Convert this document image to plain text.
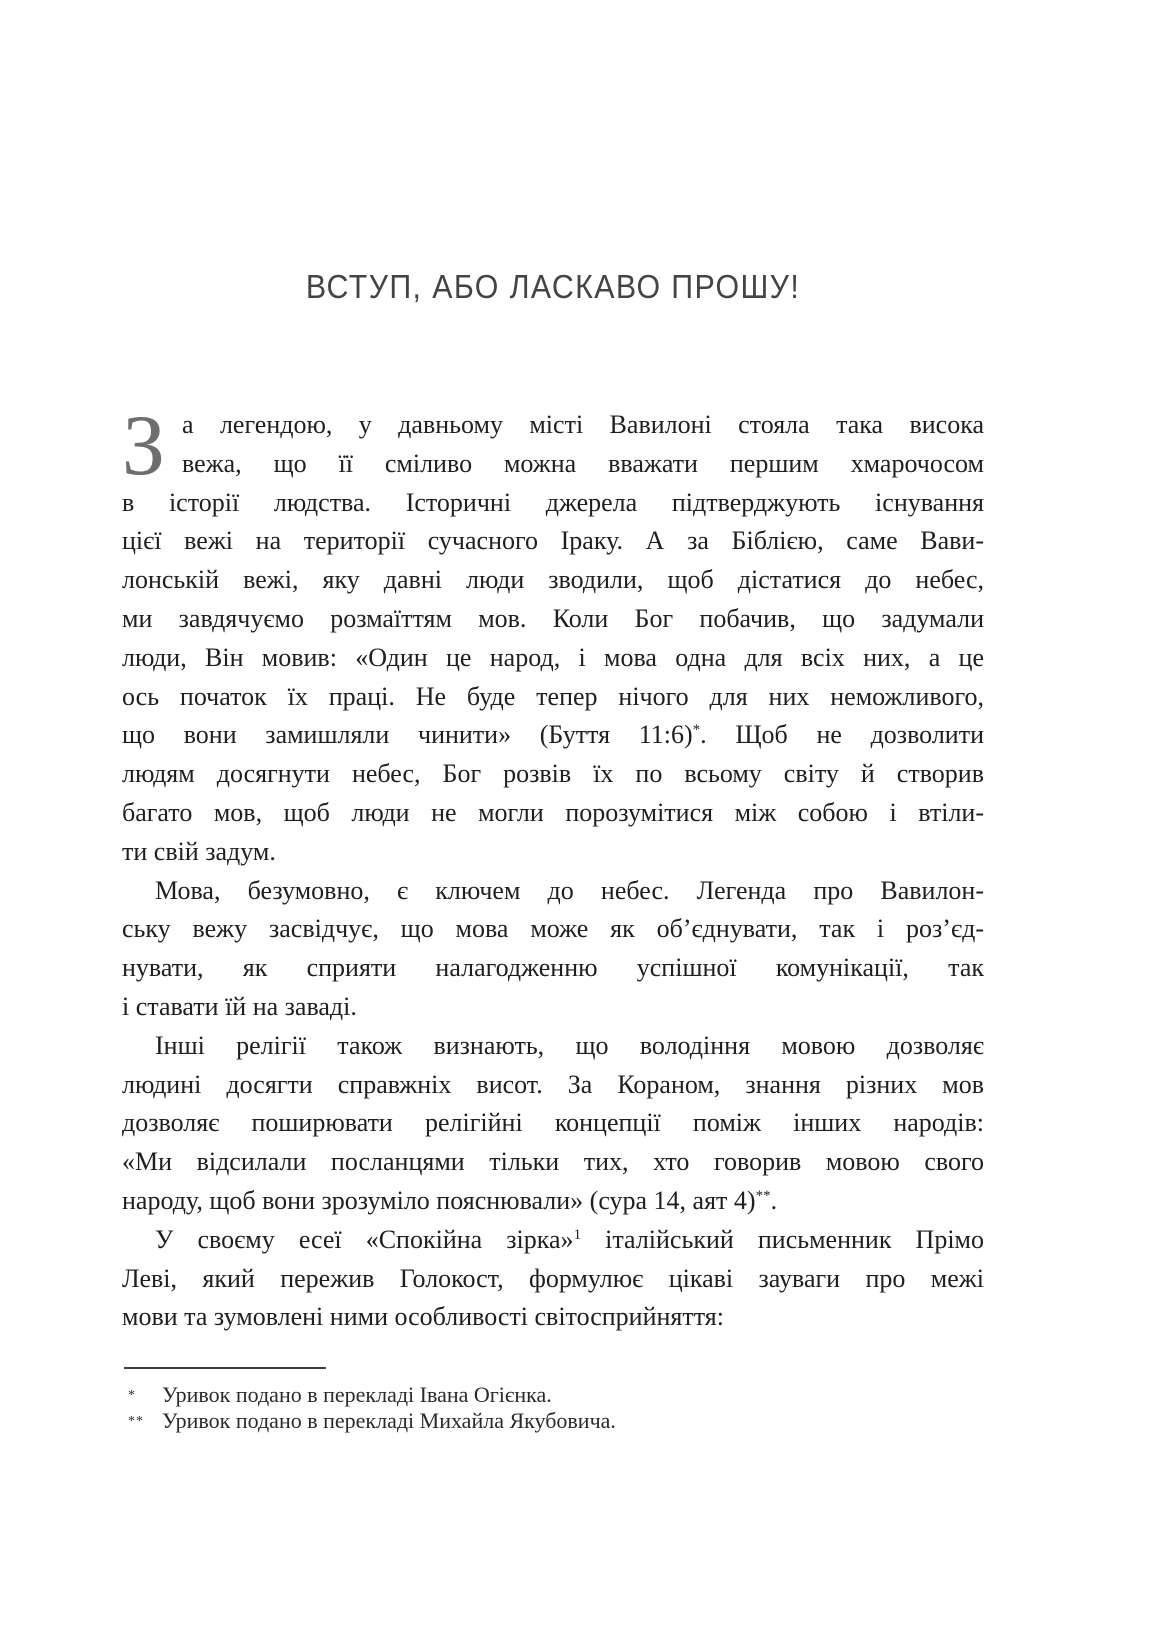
ВСТУП, АБО ЛАСКАВО ПРОШУ!
З а легендою, у давньому місті Вавилоні стояла така висока
вежа, що її сміливо можна вважати першим хмарочосом
в історії людства. Історичні джерела підтверджують існування
цієї вежі на території сучасного Іраку. А за Біблією, саме Вави-
лонській вежі, яку давні люди зводили, щоб дістатися до небес,
ми завдячуємо розмаїттям мов. Коли Бог побачив, що задумали
люди, Він мовив: «Один це народ, і мова одна для всіх них, а це
ось початок їх праці. Не буде тепер нічого для них неможливого,
що вони замишляли чинити» (Буття 11:6)*. Щоб не дозволити
людям досягнути небес, Бог розвів їх по всьому світу й створив
багато мов, щоб люди не могли порозумітися між собою і втіли-
ти свій задум.
Мова, безумовно, є ключем до небес. Легенда про Вавилон-
ську вежу засвідчує, що мова може як об’єднувати, так і роз’єд-
нувати, як сприяти налагодженню успішної комунікації, так
і ставати їй на заваді.
Інші релігії також визнають, що володіння мовою дозволяє
людині досягти справжніх висот. За Кораном, знання різних мов
дозволяє поширювати релігійні концепції поміж інших народів:
«Ми відсилали посланцями тільки тих, хто говорив мовою свого
народу, щоб вони зрозуміло пояснювали» (сура 14, аят 4)**.
У своєму есеї «Спокійна зірка»$^1$ італійський письменник Прімо
Леві, який пережив Голокост, формулює цікаві зауваги про межі
мови та зумовлені ними особливості світосприйняття:
* Уривок подано в перекладі Івана Огієнка.
** Уривок подано в перекладі Михайла Якубовича.
